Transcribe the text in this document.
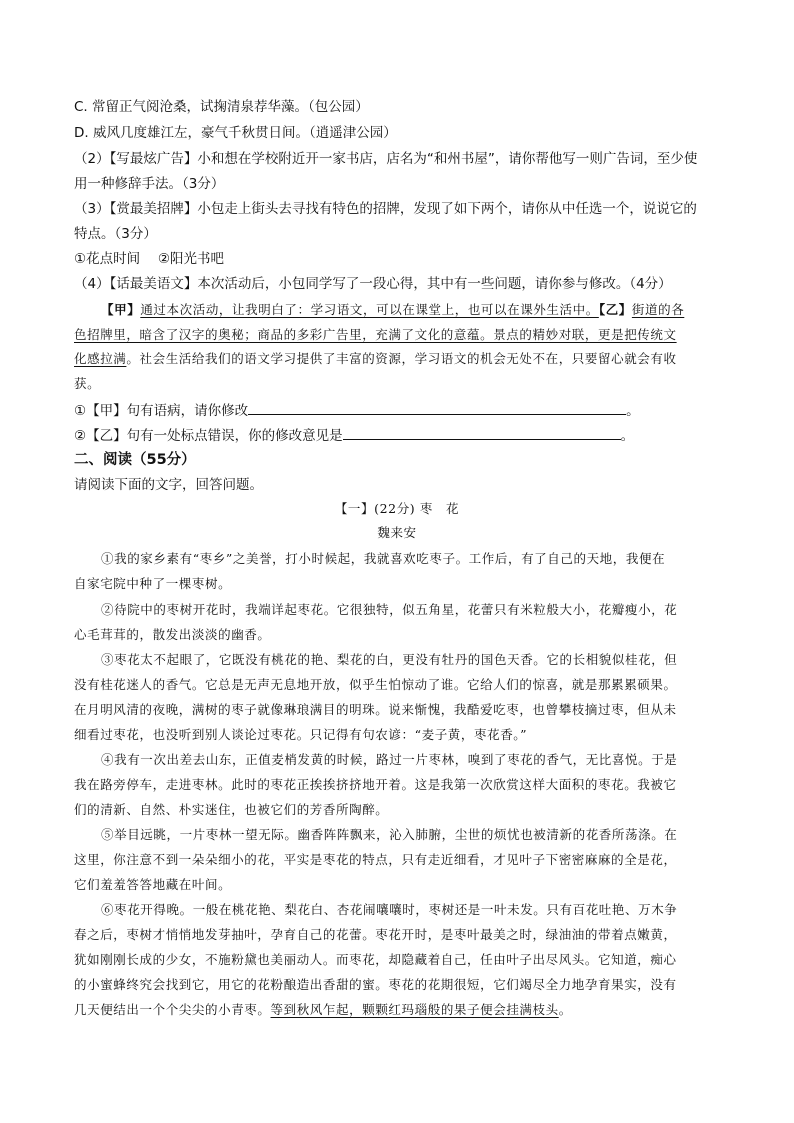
C. 常留正气阅沧桑，试掬清泉荐华藻。（包公园）
D. 威风几度雄江左，豪气千秋贯日间。（逍遥津公园）
（2）【写最炫广告】小和想在学校附近开一家书店，店名为“和州书屋”，请你帮他写一则广告词，至少使
用一种修辞手法。（3分）
（3）【赏最美招牌】小包走上街头去寻找有特色的招牌，发现了如下两个，请你从中任选一个，说说它的
特点。（3分）
①花点时间　 ②阳光书吧
（4）【话最美语文】本次活动后，小包同学写了一段心得，其中有一些问题，请你参与修改。（4分）
【甲】通过本次活动，让我明白了：学习语文，可以在课堂上，也可以在课外生活中。【乙】街道的各
色招牌里，暗含了汉字的奥秘；商品的多彩广告里，充满了文化的意蕴。景点的精妙对联，更是把传统文
化感拉满。社会生活给我们的语文学习提供了丰富的资源，学习语文的机会无处不在，只要留心就会有收
获。
①【甲】句有语病，请你修改	。
②【乙】句有一处标点错误，你的修改意见是	。
二、阅读（55分）
请阅读下面的文字，回答问题。
【一】(22分) 枣　花
魏来安
①我的家乡素有“枣乡”之美誉，打小时候起，我就喜欢吃枣子。工作后，有了自己的天地，我便在
自家宅院中种了一棵枣树。
②待院中的枣树开花时，我端详起枣花。它很独特，似五角星，花蕾只有米粒般大小，花瓣瘦小，花
心毛茸茸的，散发出淡淡的幽香。
③枣花太不起眼了，它既没有桃花的艳、梨花的白，更没有牡丹的国色天香。它的长相貌似桂花，但
没有桂花迷人的香气。它总是无声无息地开放，似乎生怕惊动了谁。它给人们的惊喜，就是那累累硕果。
在月明风清的夜晚，满树的枣子就像琳琅满目的明珠。说来惭愧，我酷爱吃枣，也曾攀枝摘过枣，但从未
细看过枣花，也没听到别人谈论过枣花。只记得有句农谚：“麦子黄，枣花香。”
④我有一次出差去山东，正值麦梢发黄的时候，路过一片枣林，嗅到了枣花的香气，无比喜悦。于是
我在路旁停车，走进枣林。此时的枣花正挨挨挤挤地开着。这是我第一次欣赏这样大面积的枣花。我被它
们的清新、自然、朴实迷住，也被它们的芳香所陶醉。
⑤举目远眺，一片枣林一望无际。幽香阵阵飘来，沁入肺腑，尘世的烦忧也被清新的花香所荡涤。在
这里，你注意不到一朵朵细小的花，平实是枣花的特点，只有走近细看，才见叶子下密密麻麻的全是花，
它们羞羞答答地藏在叶间。
⑥枣花开得晚。一般在桃花艳、梨花白、杏花闹嚷嚷时，枣树还是一叶未发。只有百花吐艳、万木争
春之后，枣树才悄悄地发芽抽叶，孕育自己的花蕾。枣花开时，是枣叶最美之时，绿油油的带着点嫩黄，
犹如刚刚长成的少女，不施粉黛也美丽动人。而枣花，却隐藏着自己，任由叶子出尽风头。它知道，痴心
的小蜜蜂终究会找到它，用它的花粉酿造出香甜的蜜。枣花的花期很短，它们竭尽全力地孕育果实，没有
几天便结出一个个尖尖的小青枣。等到秋风乍起，颗颗红玛瑙般的果子便会挂满枝头。
